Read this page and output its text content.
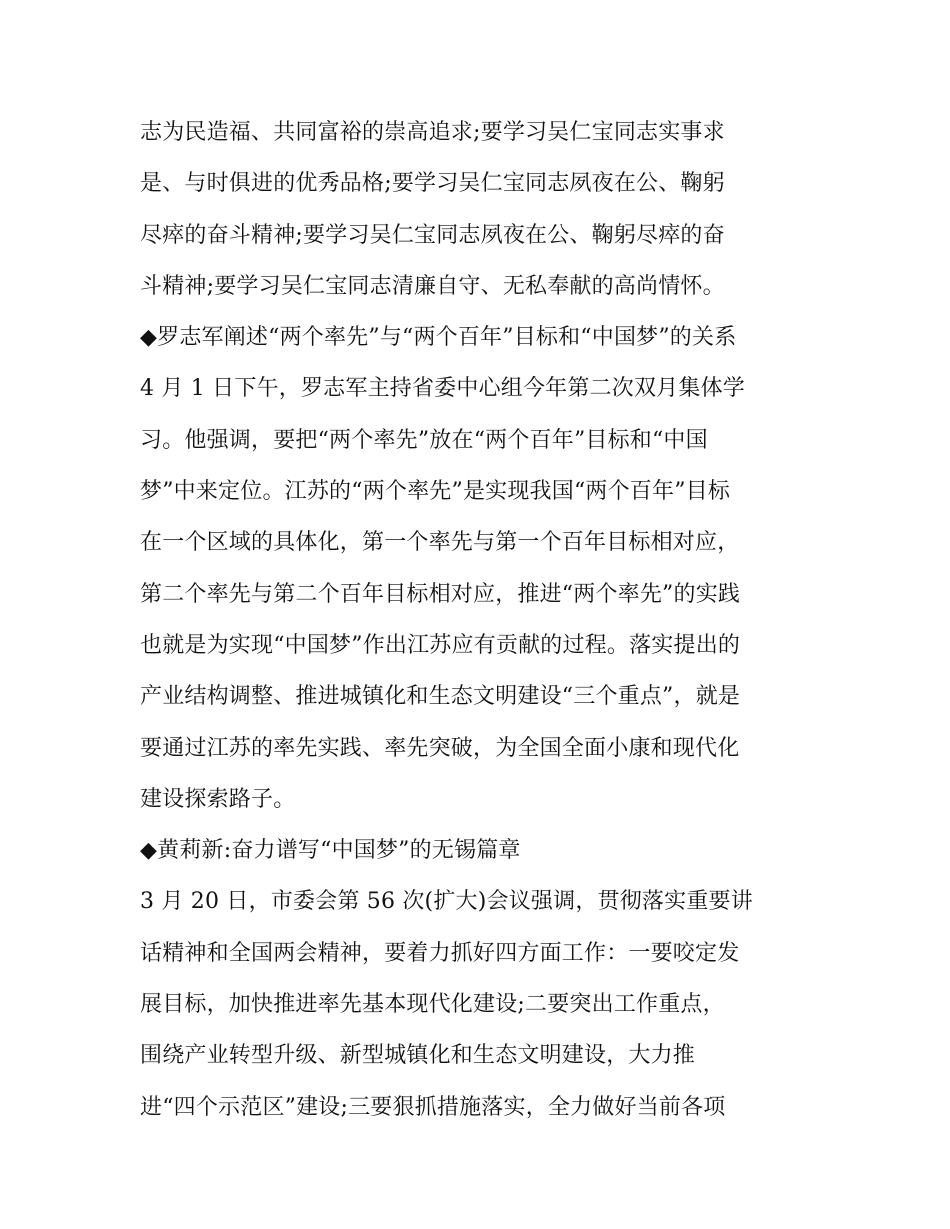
志为民造福、共同富裕的崇高追求;要学习吴仁宝同志实事求
是、与时俱进的优秀品格;要学习吴仁宝同志夙夜在公、鞠躬
尽瘁的奋斗精神;要学习吴仁宝同志夙夜在公、鞠躬尽瘁的奋
斗精神;要学习吴仁宝同志清廉自守、无私奉献的高尚情怀。
◆罗志军阐述“两个率先”与“两个百年”目标和“中国梦”的关系
4 月 1 日下午，罗志军主持省委中心组今年第二次双月集体学
习。他强调，要把“两个率先”放在“两个百年”目标和“中国
梦”中来定位。江苏的“两个率先”是实现我国“两个百年”目标
在一个区域的具体化，第一个率先与第一个百年目标相对应，
第二个率先与第二个百年目标相对应，推进“两个率先”的实践
也就是为实现“中国梦”作出江苏应有贡献的过程。落实提出的
产业结构调整、推进城镇化和生态文明建设“三个重点”，就是
要通过江苏的率先实践、率先突破，为全国全面小康和现代化
建设探索路子。
◆黄莉新:奋力谱写“中国梦”的无锡篇章
3 月 20 日，市委会第 56 次(扩大)会议强调，贯彻落实重要讲
话精神和全国两会精神，要着力抓好四方面工作：一要咬定发
展目标，加快推进率先基本现代化建设;二要突出工作重点，
围绕产业转型升级、新型城镇化和生态文明建设，大力推
进“四个示范区”建设;三要狠抓措施落实，全力做好当前各项
